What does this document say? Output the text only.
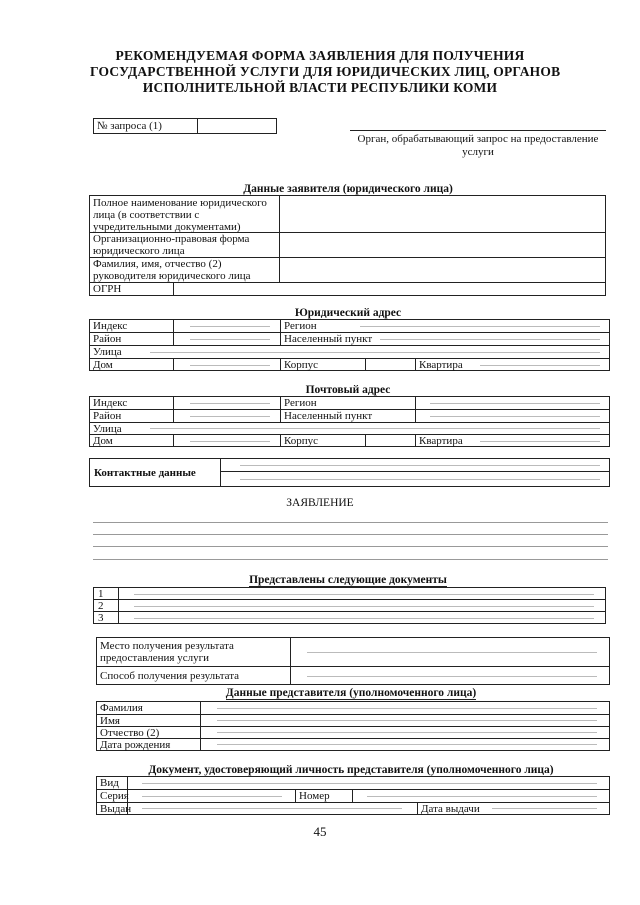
РЕКОМЕНДУЕМАЯ ФОРМА ЗАЯВЛЕНИЯ ДЛЯ ПОЛУЧЕНИЯ
ГОСУДАРСТВЕННОЙ УСЛУГИ ДЛЯ ЮРИДИЧЕСКИХ ЛИЦ, ОРГАНОВ
ИСПОЛНИТЕЛЬНОЙ ВЛАСТИ РЕСПУБЛИКИ КОМИ
№ запроса (1)
Орган, обрабатывающий запрос на предоставление
услуги
Данные заявителя (юридического лица)
Полное наименование юридического
лица (в соответствии с
учредительными документами)
Организационно-правовая форма
юридического лица
Фамилия, имя, отчество (2)
руководителя юридического лица
ОГРН
Юридический адрес
Индекс	Регион
Район	Населенный пункт
Улица
Дом	Корпус	Квартира
Почтовый адрес
Индекс	Регион
Район	Населенный пункт
Улица
Дом	Корпус	Квартира
Контактные данные
ЗАЯВЛЕНИЕ
Представлены следующие документы
1
2
3
Место получения результата
предоставления услуги
Способ получения результата
Данные представителя (уполномоченного лица)
Фамилия
Имя
Отчество (2)
Дата рождения
Документ, удостоверяющий личность представителя (уполномоченного лица)
Вид
Серия	Номер
Выдан	Дата выдачи
45
